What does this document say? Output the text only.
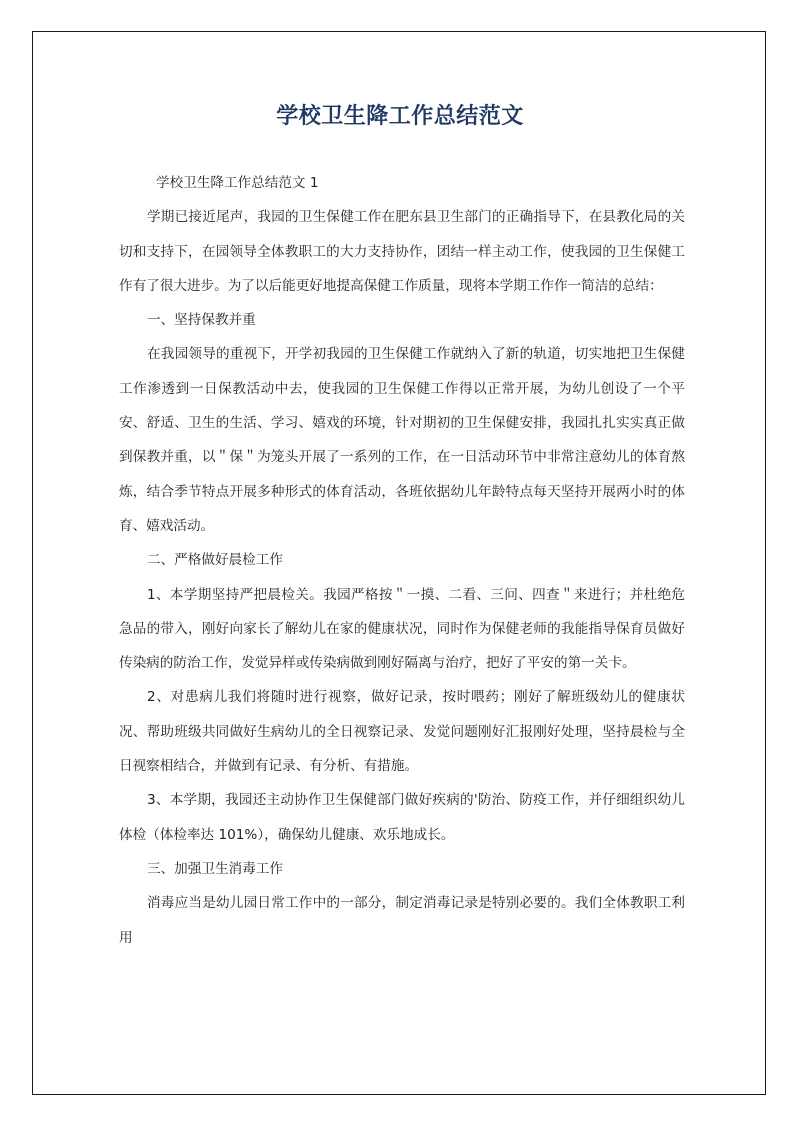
学校卫生降工作总结范文

学校卫生降工作总结范文 1

学期已接近尾声，我园的卫生保健工作在肥东县卫生部门的正确指导下，在县教化局的关切和支持下，在园领导全体教职工的大力支持协作，团结一样主动工作，使我园的卫生保健工作有了很大进步。为了以后能更好地提高保健工作质量，现将本学期工作作一简洁的总结：

一、坚持保教并重

在我园领导的重视下，开学初我园的卫生保健工作就纳入了新的轨道，切实地把卫生保健工作渗透到一日保教活动中去，使我园的卫生保健工作得以正常开展，为幼儿创设了一个平安、舒适、卫生的生活、学习、嬉戏的环境，针对期初的卫生保健安排，我园扎扎实实真正做到保教并重，以＂保＂为笼头开展了一系列的工作，在一日活动环节中非常注意幼儿的体育熬炼，结合季节特点开展多种形式的体育活动，各班依据幼儿年龄特点每天坚持开展两小时的体育、嬉戏活动。

二、严格做好晨检工作

1、本学期坚持严把晨检关。我园严格按＂一摸、二看、三问、四查＂来进行；并杜绝危急品的带入，刚好向家长了解幼儿在家的健康状况，同时作为保健老师的我能指导保育员做好传染病的防治工作，发觉异样或传染病做到刚好隔离与治疗，把好了平安的第一关卡。

2、对患病儿我们将随时进行视察，做好记录，按时喂药；刚好了解班级幼儿的健康状况、帮助班级共同做好生病幼儿的全日视察记录、发觉问题刚好汇报刚好处理，坚持晨检与全日视察相结合，并做到有记录、有分析、有措施。

3、本学期，我园还主动协作卫生保健部门做好疾病的'防治、防疫工作，并仔细组织幼儿体检（体检率达 101%），确保幼儿健康、欢乐地成长。

三、加强卫生消毒工作

消毒应当是幼儿园日常工作中的一部分，制定消毒记录是特别必要的。我们全体教职工利用
